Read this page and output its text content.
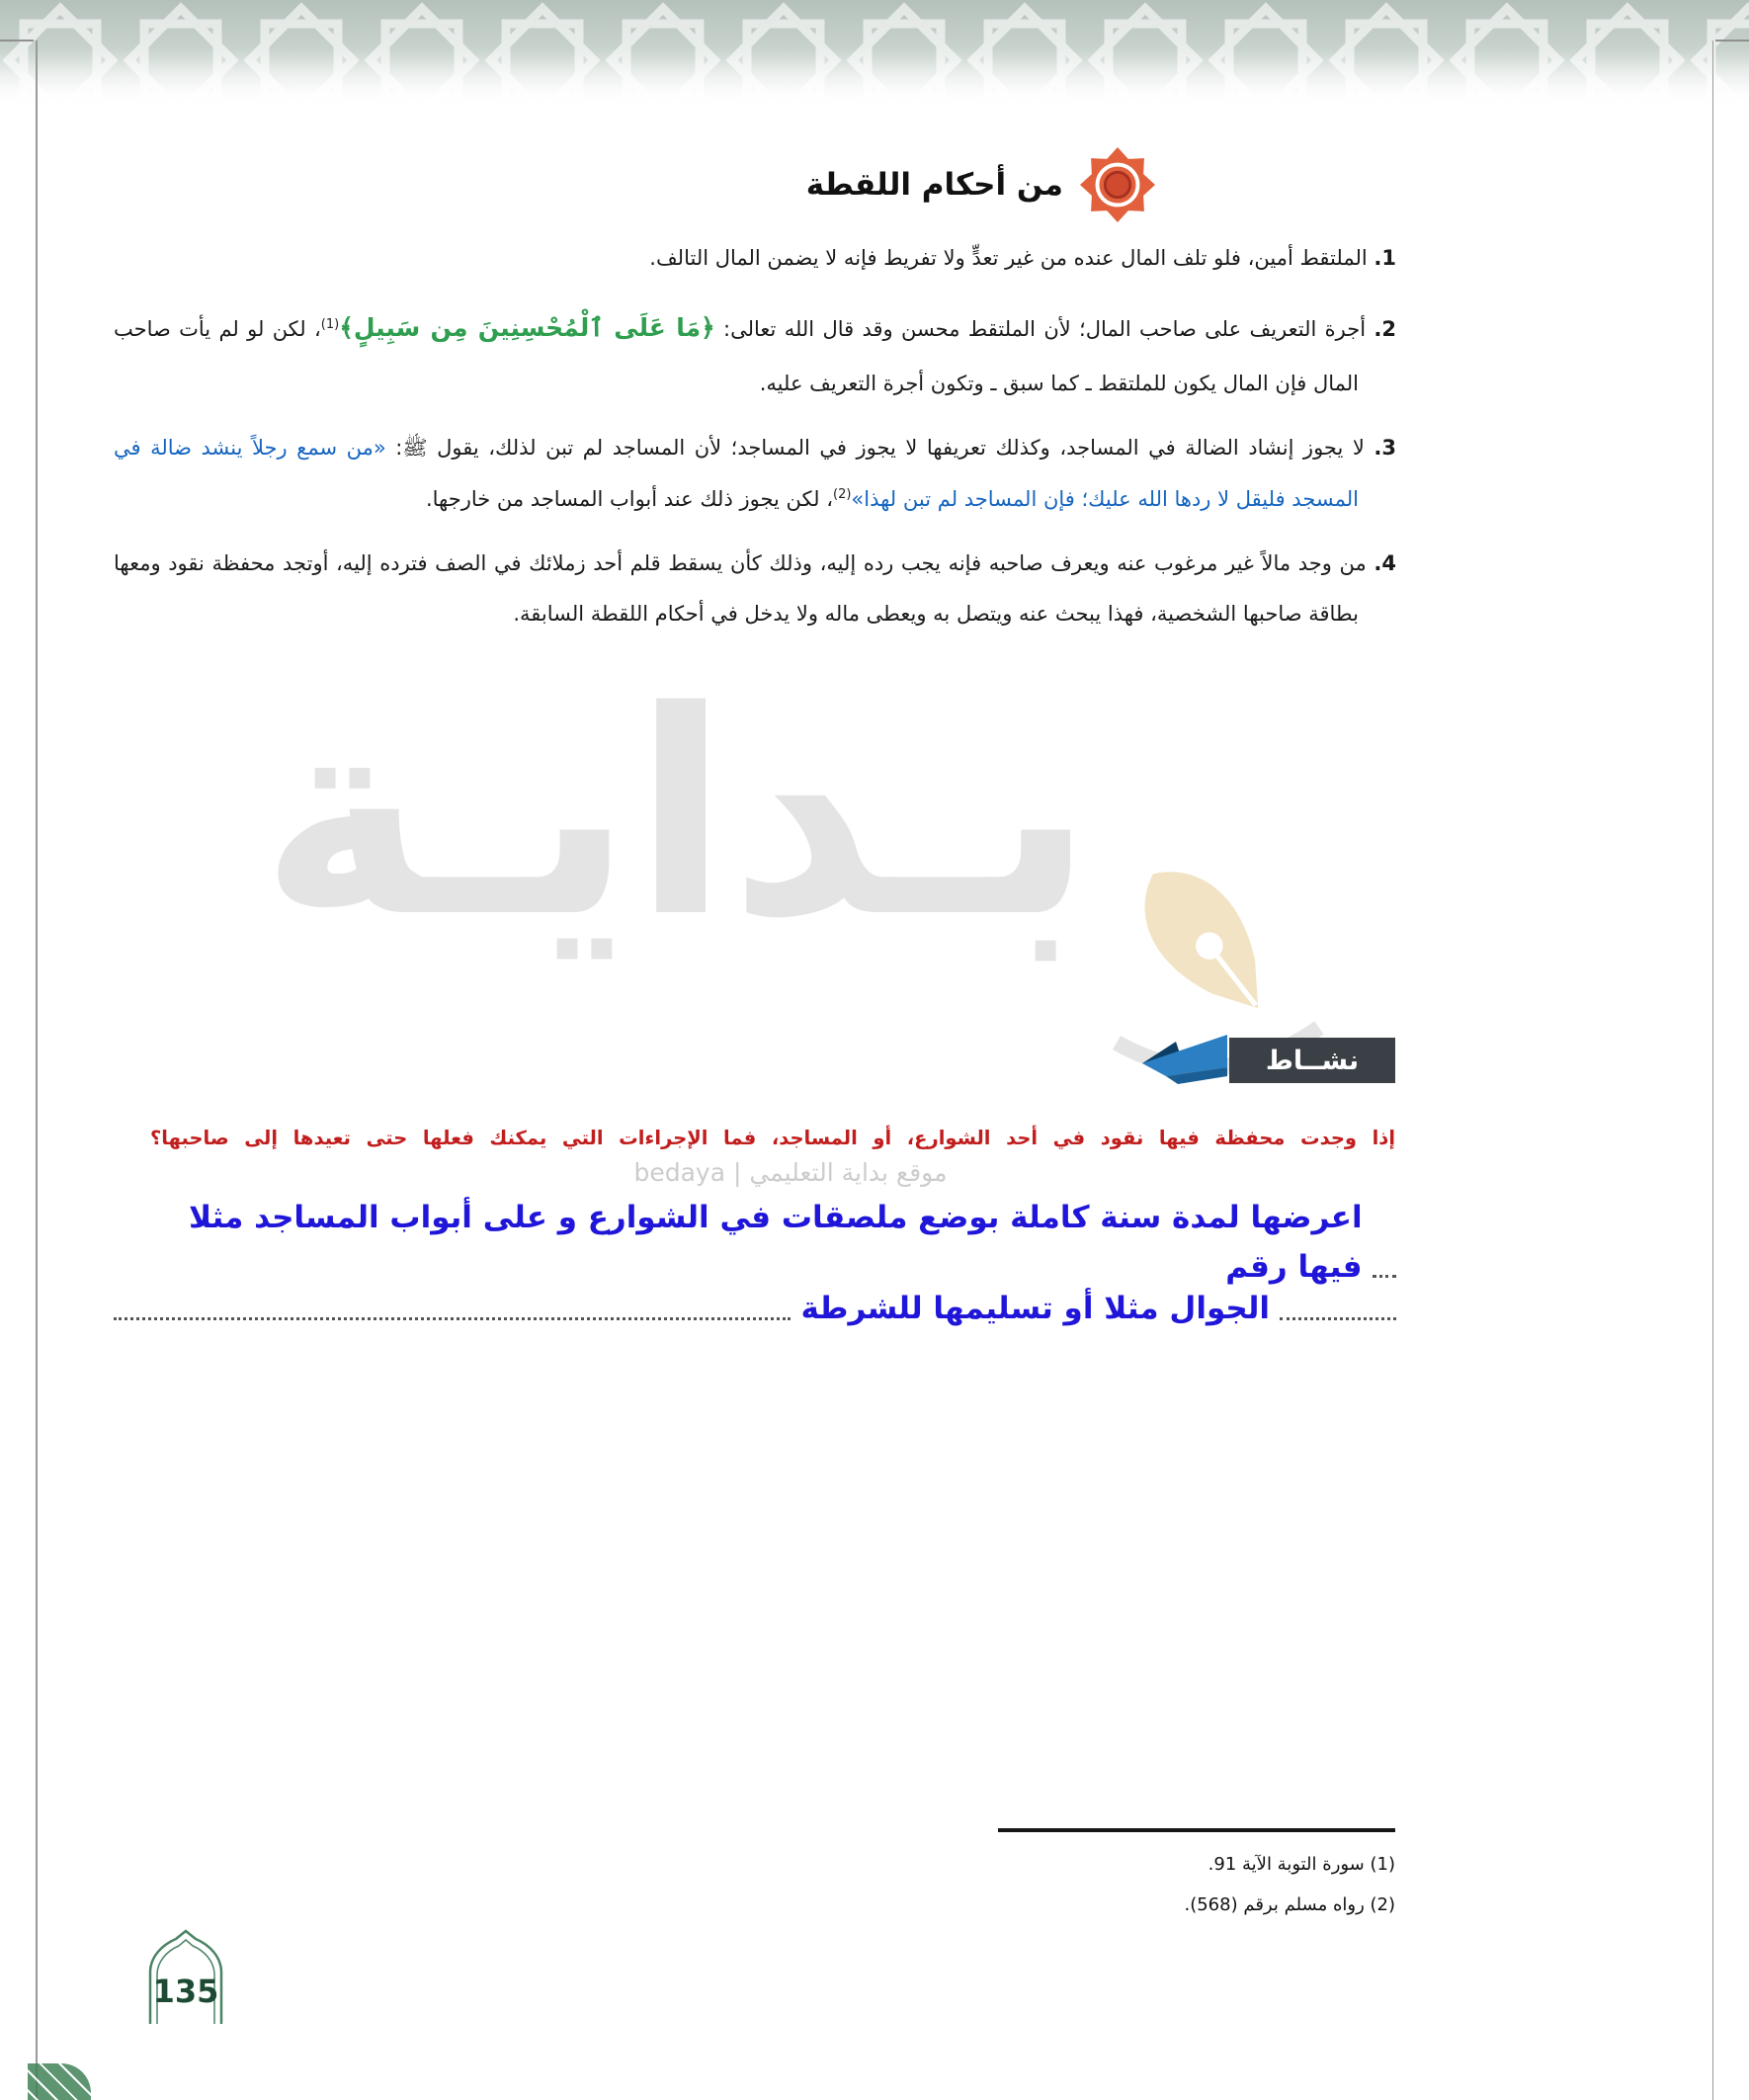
بـدايـة
موقع بداية التعليمي | bedaya
من أحكام اللقطة

1. الملتقط أمين، فلو تلف المال عنده من غير تعدٍّ ولا تفريط فإنه لا يضمن المال التالف.

2. أجرة التعريف على صاحب المال؛ لأن الملتقط محسن وقد قال الله تعالى: ﴿مَا عَلَى ٱلْمُحْسِنِينَ مِن سَبِيلٍ﴾$^{(1)}$، لكن لو لم يأت صاحب المال فإن المال يكون للملتقط ـ كما سبق ـ وتكون أجرة التعريف عليه.

3. لا يجوز إنشاد الضالة في المساجد، وكذلك تعريفها لا يجوز في المساجد؛ لأن المساجد لم تبن لذلك، يقول ﷺ: «من سمع رجلاً ينشد ضالة في المسجد فليقل لا ردها الله عليك؛ فإن المساجد لم تبن لهذا»$^{(2)}$، لكن يجوز ذلك عند أبواب المساجد من خارجها.

4. من وجد مالاً غير مرغوب عنه ويعرف صاحبه فإنه يجب رده إليه، وذلك كأن يسقط قلم أحد زملائك في الصف فترده إليه، أوتجد محفظة نقود ومعها بطاقة صاحبها الشخصية، فهذا يبحث عنه ويتصل به ويعطى ماله ولا يدخل في أحكام اللقطة السابقة.

نشــاط
إذا وجدت محفظة فيها نقود في أحد الشوارع، أو المساجد، فما الإجراءات التي يمكنك فعلها حتى تعيدها إلى صاحبها؟
اعرضها لمدة سنة كاملة بوضع ملصقات في الشوارع و على أبواب المساجد مثلا فيها رقم
الجوال مثلا أو تسليمها للشرطة
(1) سورة التوبة الآية 91.
(2) رواه مسلم برقم (568).
135
